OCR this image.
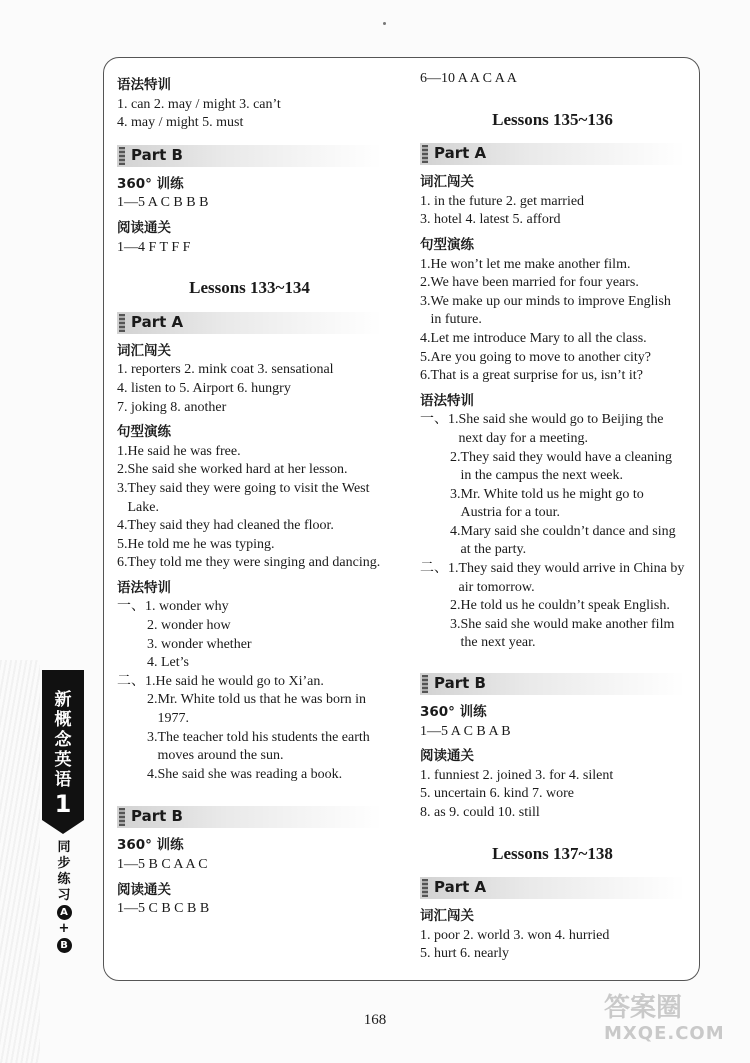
语法特训
1. can 2. may / might 3. can’t
4. may / might 5. must
Part B
360° 训练
1—5 A C B B B
阅读通关
1—4 F T F F
Lessons 133~134
Part A
词汇闯关
1. reporters 2. mink coat 3. sensational
4. listen to 5. Airport 6. hungry
7. joking 8. another
句型演练
1. He said he was free.
2. She said she worked hard at her lesson.
3. They said they were going to visit the West Lake.
4. They said they had cleaned the floor.
5. He told me he was typing.
6. They told me they were singing and dancing.
语法特训
一、 1. wonder why
2. wonder how
3. wonder whether
4. Let’s
二、 1. He said he would go to Xi’an.
2. Mr. White told us that he was born in 1977.
3. The teacher told his students the earth moves around the sun.
4. She said she was reading a book.
Part B
360° 训练
1—5 B C A A C
阅读通关
1—5 C B C B B
6—10 A A C A A
Lessons 135~136
Part A
词汇闯关
1. in the future 2. get married
3. hotel 4. latest 5. afford
句型演练
1. He won’t let me make another film.
2. We have been married for four years.
3. We make up our minds to improve English in future.
4. Let me introduce Mary to all the class.
5. Are you going to move to another city?
6. That is a great surprise for us, isn’t it?
语法特训
一、 1. She said she would go to Beijing the next day for a meeting.
2. They said they would have a cleaning in the campus the next week.
3. Mr. White told us he might go to Austria for a tour.
4. Mary said she couldn’t dance and sing at the party.
二、 1. They said they would arrive in China by air tomorrow.
2. He told us he couldn’t speak English.
3. She said she would make another film the next year.
Part B
360° 训练
1—5 A C B A B
阅读通关
1. funniest 2. joined 3. for 4. silent
5. uncertain 6. kind 7. wore
8. as 9. could 10. still
Lessons 137~138
Part A
词汇闯关
1. poor 2. world 3. won 4. hurried
5. hurt 6. nearly
新
概
念
英
语
1
同
步
练
习
A
+
B
168	答案圈
MXQE.COM
